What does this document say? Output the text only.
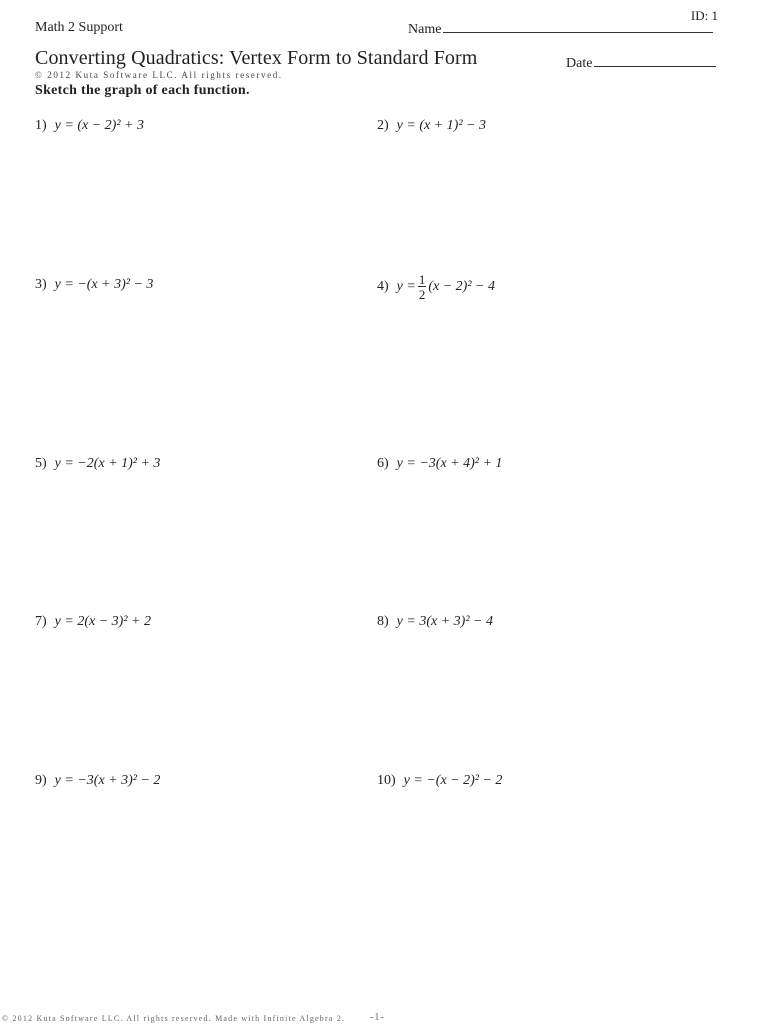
ID: 1
Math 2 Support	Name
Converting Quadratics: Vertex Form to Standard Form	Date
© 2012 Kuta Software LLC. All rights reserved.
Sketch the graph of each function.
1) y = (x − 2)² + 3	2) y = (x + 1)² − 3
3) y = −(x + 3)² − 3	4) $y = \frac{1}{2} (x - 2)^2 - 4$
5) y = −2(x + 1)² + 3	6) y = −3(x + 4)² + 1
7) y = 2(x − 3)² + 2	8) y = 3(x + 3)² − 4
9) y = −3(x + 3)² − 2	10) y = −(x − 2)² − 2
© 2012 Kuta Software LLC. All rights reserved. Made with Infinite Algebra 2. -1-
